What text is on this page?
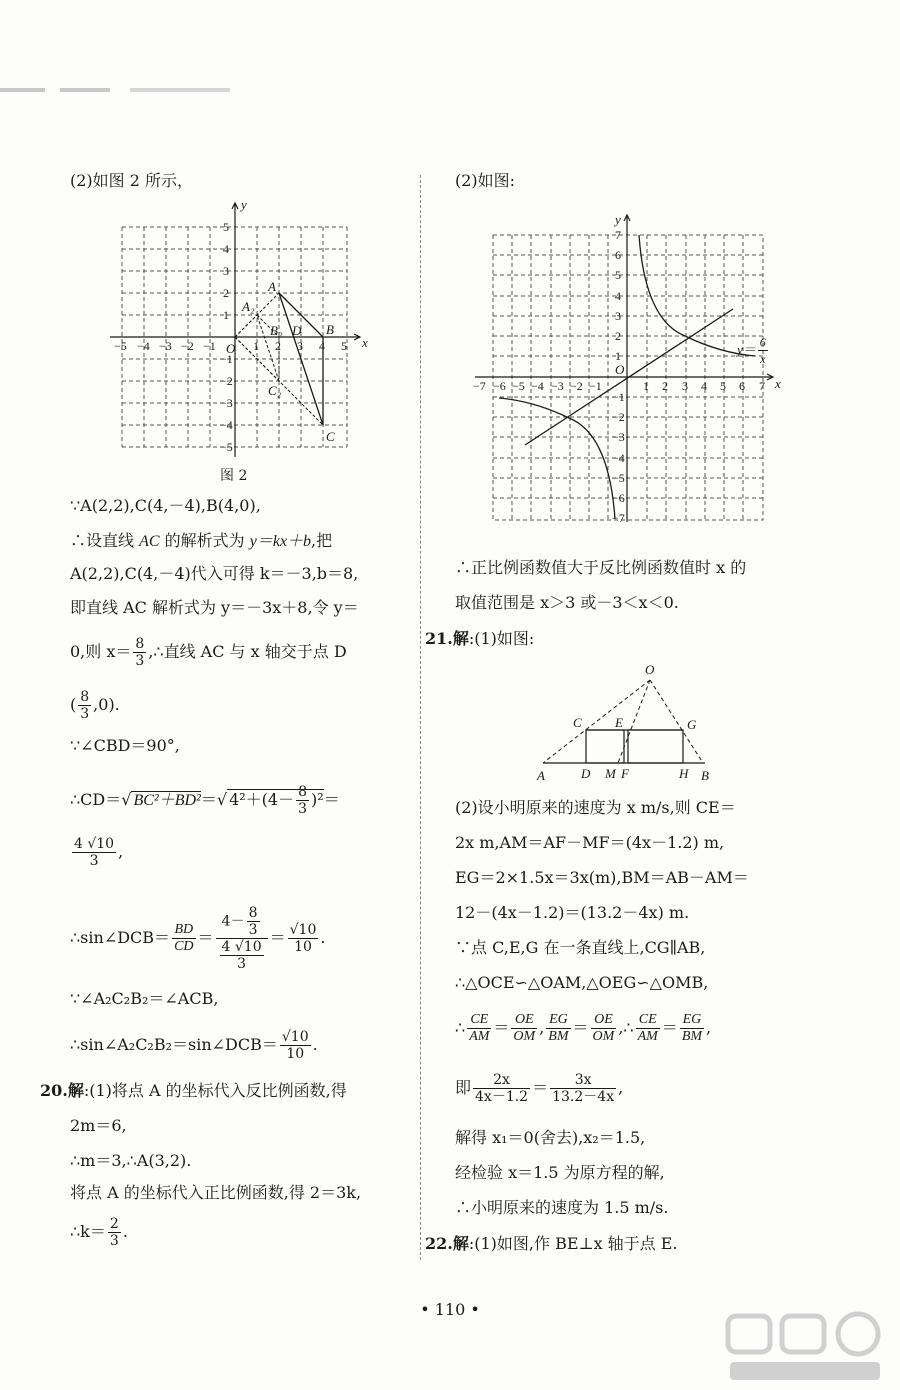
(2)如图 2 所示，
−5 −4 −3 −2 −1	1 2 3 4 5
5
4
3
2
1
−1
−2
−3
−4
−5
A
A₂
B
B₂ D
C₂
C
O	x
y
图 2
∵A(2,2),C(4,－4),B(4,0),
∴设直线 AC 的解析式为 y＝kx＋b,把
A(2,2),C(4,－4)代入可得 k＝－3,b＝8,
即直线 AC 解析式为 y＝－3x＋8,令 y＝
0,则 $x= \frac{8}{3}$ ,∴直线 AC 与 x 轴交于点 D
( $\frac{8}{3} ,0$).
∵∠CBD＝90°,
∴CD＝√ BC²＋BD²＝√ $4^2+(4- \frac{8}{3} )^2=$
$\frac{4 √10}{3}$ ,
∴sin∠DCB＝ $\frac{BD}{CD} = \frac{4- \frac{8}{3}}{\frac{4 √10}{3}} = \frac{√10}{10}$ .
∵∠A₂C₂B₂＝∠ACB,
∴sin∠A₂C₂B₂＝sin∠DCB＝ $\frac{√10}{10}$ .
20.解:(1)将点 A 的坐标代入反比例函数,得
2m＝6,
∴m＝3,∴A(3,2).
将点 A 的坐标代入正比例函数,得 2＝3k,
∴k＝ $\frac{2}{3}$ .
(2)如图:
−7 −6 −5 −4 −3 −2 −1	1 2 3 4 5 6 7
7
6
5
4
3
2
1
−1
−2
−3
−4
−5
−6
−7
O
x
y
$y= \frac{6}{x}$
∴正比例函数值大于反比例函数值时 x 的
取值范围是 x＞3 或－3＜x＜0.
21.解:(1)如图:
O
C	E	G
A	D M F	H B
(2)设小明原来的速度为 x m/s,则 CE＝
2x m,AM＝AF－MF＝(4x－1.2) m,
EG＝2×1.5x＝3x(m),BM＝AB－AM＝
12－(4x－1.2)＝(13.2－4x) m.
∵点 C,E,G 在一条直线上,CG∥AB,
∴△OCE∽△OAM,△OEG∽△OMB,
∴ $\frac{CE}{AM} = \frac{OE}{OM}$ , $\frac{EG}{BM} = \frac{OE}{OM}$ ,∴ $\frac{CE}{AM} = \frac{EG}{BM}$ ,
即 $\frac{2x}{4x-1.2} = \frac{3x}{13.2-4x}$ ,
解得 x₁＝0(舍去),x₂＝1.5,
经检验 x＝1.5 为原方程的解,
∴小明原来的速度为 1.5 m/s.
22.解:(1)如图,作 BE⊥x 轴于点 E.
• 110 •
